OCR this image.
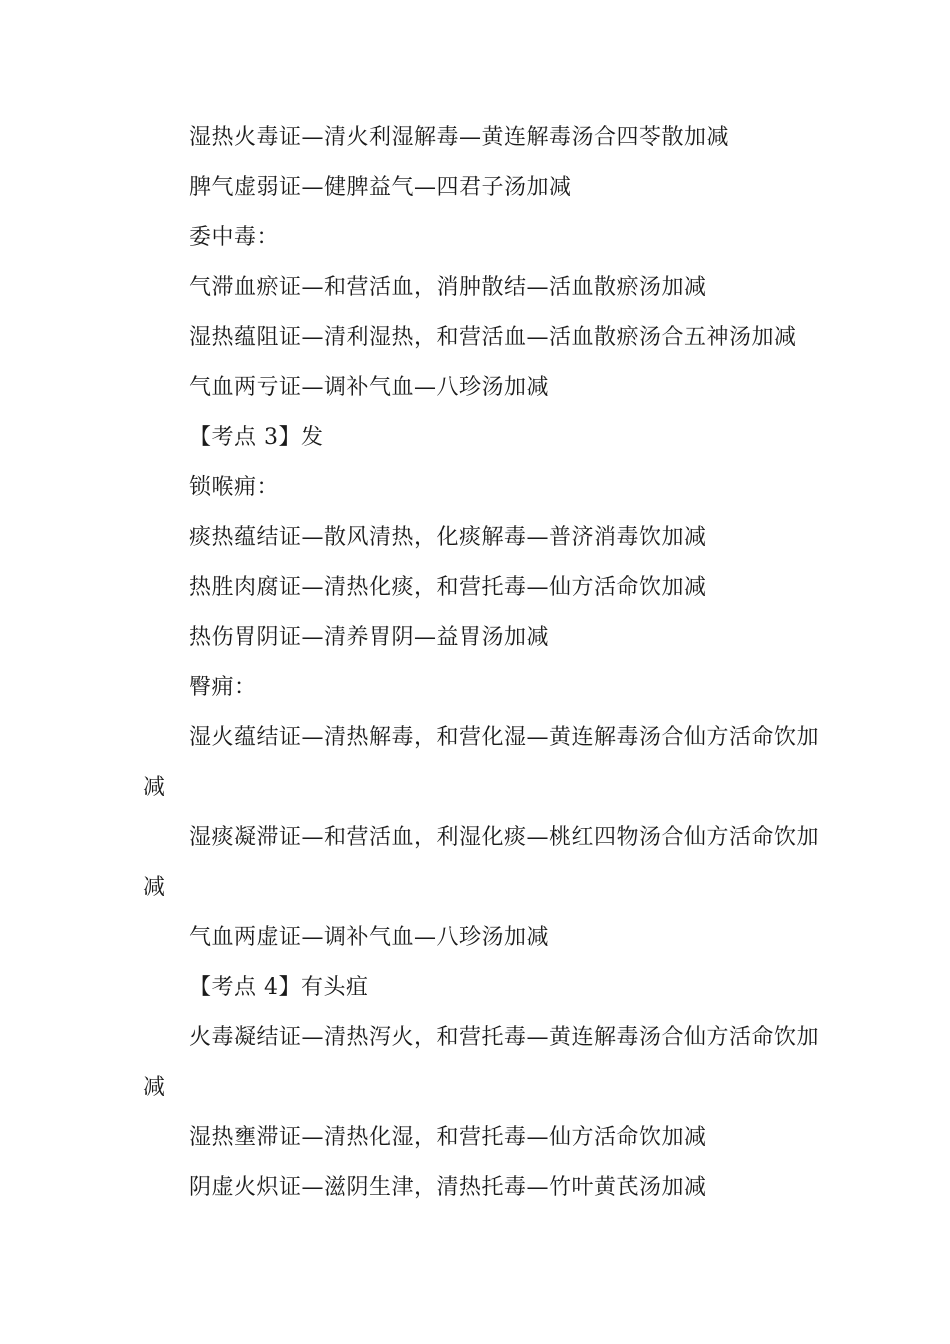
湿热火毒证—清火利湿解毒—黄连解毒汤合四苓散加减
脾气虚弱证—健脾益气—四君子汤加减
委中毒：
气滞血瘀证—和营活血，消肿散结—活血散瘀汤加减
湿热蕴阻证—清利湿热，和营活血—活血散瘀汤合五神汤加减
气血两亏证—调补气血—八珍汤加减
【考点 3】发
锁喉痈：
痰热蕴结证—散风清热，化痰解毒—普济消毒饮加减
热胜肉腐证—清热化痰，和营托毒—仙方活命饮加减
热伤胃阴证—清养胃阴—益胃汤加减
臀痈：
湿火蕴结证—清热解毒，和营化湿—黄连解毒汤合仙方活命饮加
减
湿痰凝滞证—和营活血，利湿化痰—桃红四物汤合仙方活命饮加
减
气血两虚证—调补气血—八珍汤加减
【考点 4】有头疽
火毒凝结证—清热泻火，和营托毒—黄连解毒汤合仙方活命饮加
减
湿热壅滞证—清热化湿，和营托毒—仙方活命饮加减
阴虚火炽证—滋阴生津，清热托毒—竹叶黄芪汤加减
